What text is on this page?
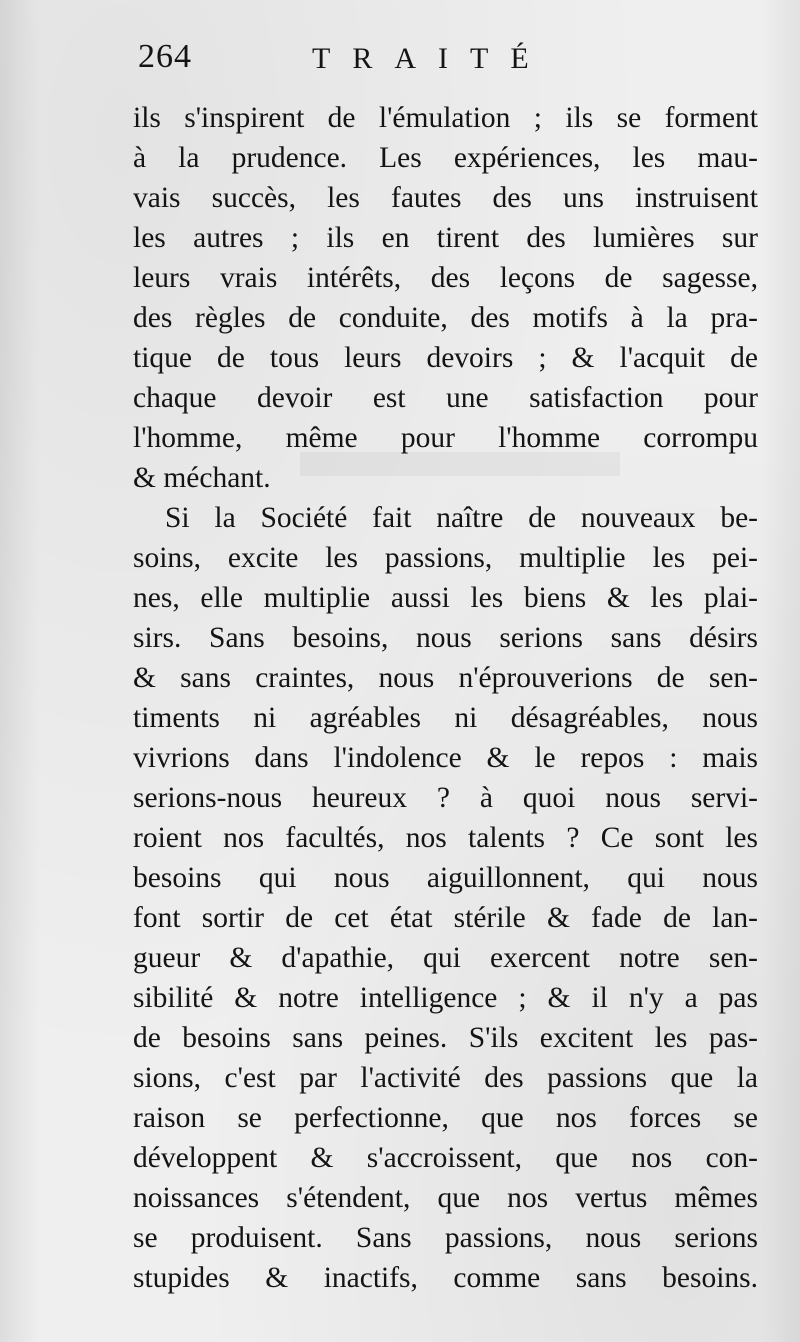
264	TRAITÉ
ils s'inspirent de l'émulation ; ils se forment
à la prudence. Les expériences, les mau-
vais succès, les fautes des uns instruisent
les autres ; ils en tirent des lumières sur
leurs vrais intérêts, des leçons de sagesse,
des règles de conduite, des motifs à la pra-
tique de tous leurs devoirs ; & l'acquit de
chaque devoir est une satisfaction pour
l'homme, même pour l'homme corrompu
& méchant.
Si la Société fait naître de nouveaux be-
soins, excite les passions, multiplie les pei-
nes, elle multiplie aussi les biens & les plai-
sirs. Sans besoins, nous serions sans désirs
& sans craintes, nous n'éprouverions de sen-
timents ni agréables ni désagréables, nous
vivrions dans l'indolence & le repos : mais
serions-nous heureux ? à quoi nous servi-
roient nos facultés, nos talents ? Ce sont les
besoins qui nous aiguillonnent, qui nous
font sortir de cet état stérile & fade de lan-
gueur & d'apathie, qui exercent notre sen-
sibilité & notre intelligence ; & il n'y a pas
de besoins sans peines. S'ils excitent les pas-
sions, c'est par l'activité des passions que la
raison se perfectionne, que nos forces se
développent & s'accroissent, que nos con-
noissances s'étendent, que nos vertus mêmes
se produisent. Sans passions, nous serions
stupides & inactifs, comme sans besoins.
